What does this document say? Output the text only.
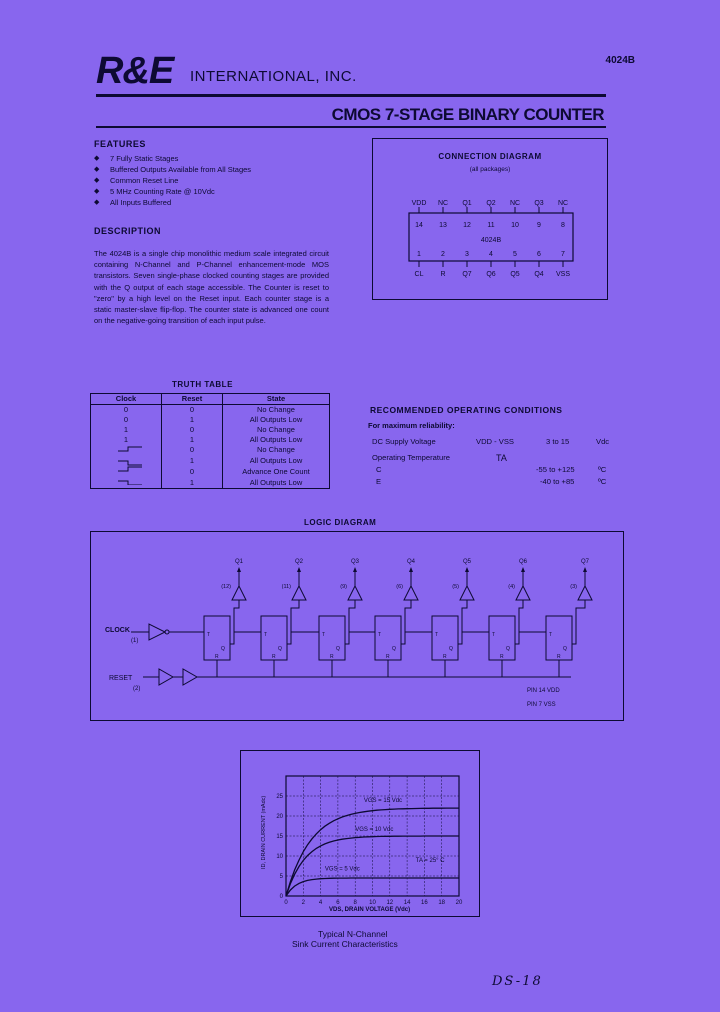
R&E INTERNATIONAL, INC.
4024B
CMOS 7-STAGE BINARY COUNTER
FEATURES
◆ 7 Fully Static Stages
◆ Buffered Outputs Available from All Stages
◆ Common Reset Line
◆ 5 MHz Counting Rate @ 10Vdc
◆ All Inputs Buffered
DESCRIPTION
The 4024B is a single chip monolithic medium scale integrated circuit containing N-Channel and P-Channel enhancement-mode MOS transistors. Seven single-phase clocked counting stages are provided with the Q output of each stage accessible. The Counter is reset to "zero" by a high level on the Reset input. Each counter stage is a static master-slave flip-flop. The counter state is advanced one count on the negative-going transition of each input pulse.
CONNECTION DIAGRAM
(all packages)
VDD NC Q1 Q2 NC Q3 NC
14 13 12 11 10	9	8
1
CL
2
R
3
Q7
4
Q6
5
Q5
6
Q4
7
VSS
4024B
TRUTH TABLE
Clock	Reset	State
0	0	No Change
0	1	All Outputs Low
1	0	No Change
1	1	All Outputs Low
	0	No Change
	1	All Outputs Low
	0	Advance One Count
	1	All Outputs Low
RECOMMENDED OPERATING CONDITIONS
For maximum reliability:
DC Supply Voltage	VDD - VSS	3 to 15	Vdc
Operating Temperature	TA
C	-55 to +125	ºC
E	-40 to +85	ºC
LOGIC DIAGRAM
T
R
Q
Q1
(12)
T
R
Q
Q2
(11)
T
R
Q
Q3
(9)
T
R
Q
Q4
(6)
T
R
Q
Q5
(5)
T
R
Q
Q6
(4)
T
R
Q
Q7
(3)
CLOCK
(1)
RESET
(2)	PIN 14 VDD
PIN 7 VSS
ID, DRAIN CURRENT (mAdc)
0 2 4 6 8 10 12 14 16 18 20
0
5
10
15
20
25
VGS = 15 Vdc
VGS = 10 Vdc
VGS = 5 Vdc
TA = 25° C
VDS, DRAIN VOLTAGE (Vdc)
Typical N-Channel
Sink Current Characteristics
DS-18
